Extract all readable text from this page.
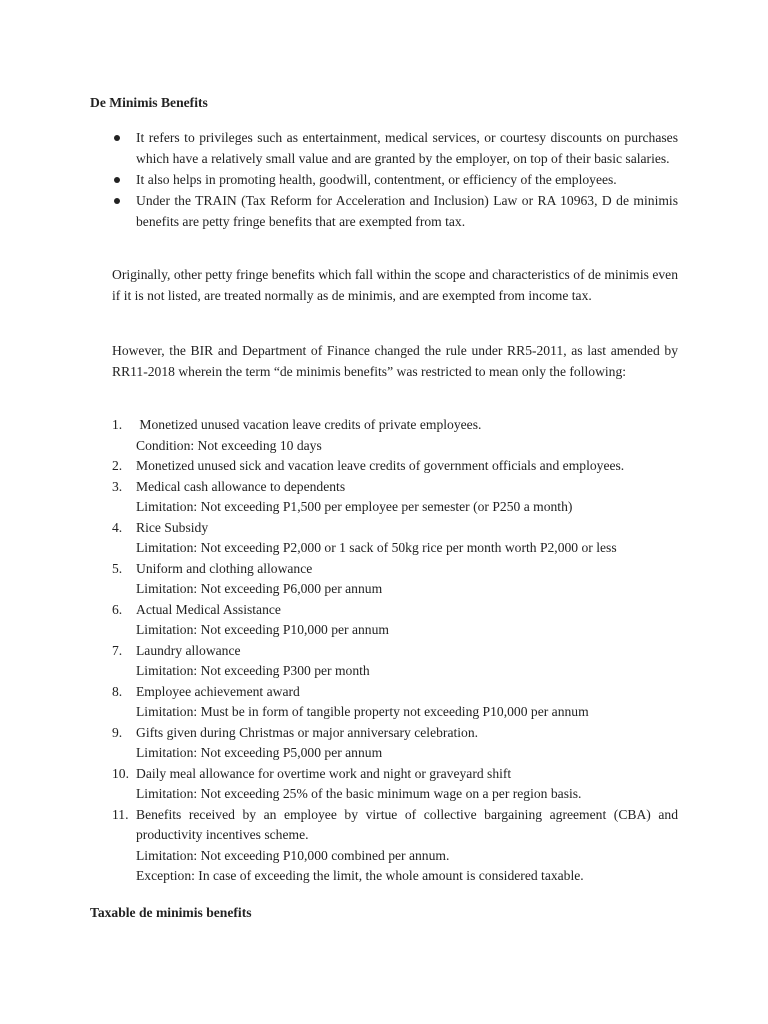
De Minimis Benefits
It refers to privileges such as entertainment, medical services, or courtesy discounts on purchases which have a relatively small value and are granted by the employer, on top of their basic salaries.
It also helps in promoting health, goodwill, contentment, or efficiency of the employees.
Under the TRAIN (Tax Reform for Acceleration and Inclusion) Law or RA 10963, D de minimis benefits are petty fringe benefits that are exempted from tax.

Originally, other petty fringe benefits which fall within the scope and characteristics of de minimis even if it is not listed, are treated normally as de minimis, and are exempted from income tax.

However, the BIR and Department of Finance changed the rule under RR5-2011, as last amended by RR11-2018 wherein the term “de minimis benefits” was restricted to mean only the following:

1. Monetized unused vacation leave credits of private employees.
Condition: Not exceeding 10 days
2. Monetized unused sick and vacation leave credits of government officials and employees.
3. Medical cash allowance to dependents
Limitation: Not exceeding P1,500 per employee per semester (or P250 a month)
4. Rice Subsidy
Limitation: Not exceeding P2,000 or 1 sack of 50kg rice per month worth P2,000 or less
5. Uniform and clothing allowance
Limitation: Not exceeding P6,000 per annum
6. Actual Medical Assistance
Limitation: Not exceeding P10,000 per annum
7. Laundry allowance
Limitation: Not exceeding P300 per month
8. Employee achievement award
Limitation: Must be in form of tangible property not exceeding P10,000 per annum
9. Gifts given during Christmas or major anniversary celebration.
Limitation: Not exceeding P5,000 per annum
10. Daily meal allowance for overtime work and night or graveyard shift
Limitation: Not exceeding 25% of the basic minimum wage on a per region basis.
11. Benefits received by an employee by virtue of collective bargaining agreement (CBA) and productivity incentives scheme.
Limitation: Not exceeding P10,000 combined per annum.
Exception: In case of exceeding the limit, the whole amount is considered taxable.
Taxable de minimis benefits
